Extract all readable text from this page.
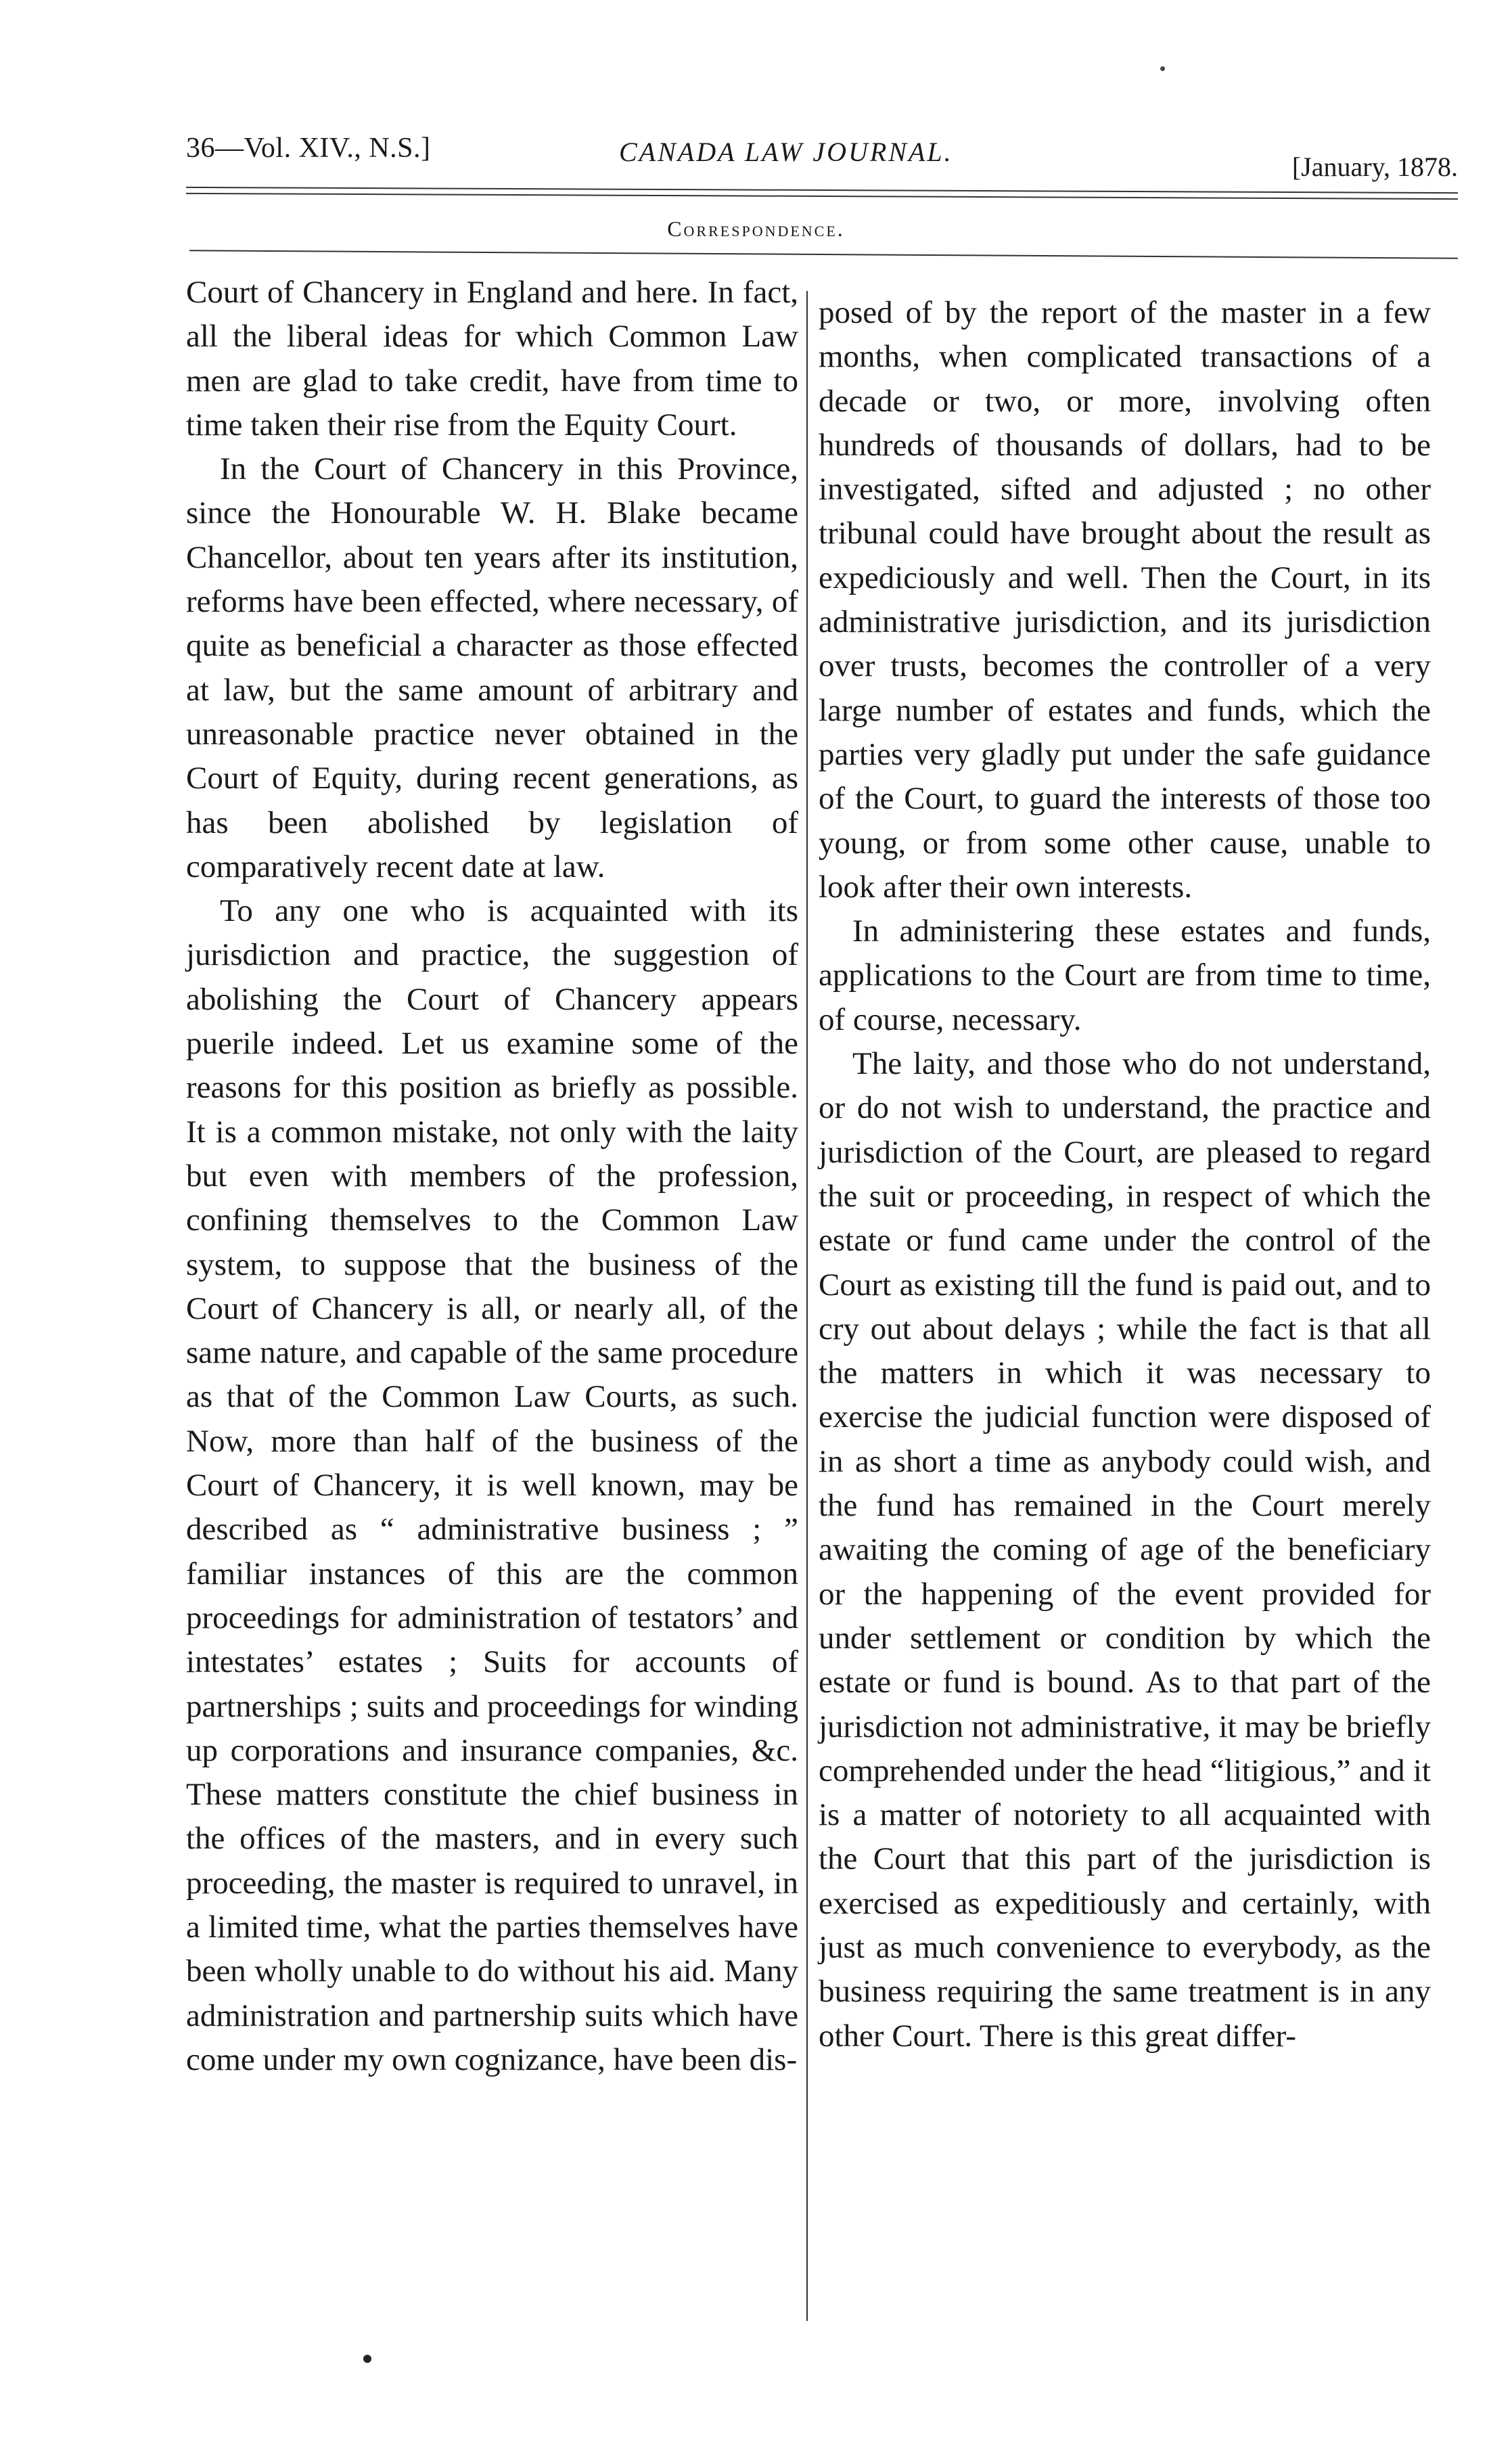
36—Vol. XIV., N.S.]	CANADA LAW JOURNAL.	[January, 1878.
Correspondence.

Court of Chancery in England and here. In fact, all the liberal ideas for which Common Law men are glad to take credit, have from time to time taken their rise from the Equity Court.

In the Court of Chancery in this Province, since the Honourable W. H. Blake became Chancellor, about ten years after its institution, reforms have been effected, where necessary, of quite as beneficial a character as those effected at law, but the same amount of arbitrary and unreasonable practice never obtained in the Court of Equity, during recent generations, as has been abolished by legislation of comparatively recent date at law.

To any one who is acquainted with its jurisdiction and practice, the suggestion of abolishing the Court of Chancery appears puerile indeed. Let us examine some of the reasons for this position as briefly as possible. It is a common mistake, not only with the laity but even with members of the profession, confining themselves to the Common Law system, to suppose that the business of the Court of Chancery is all, or nearly all, of the same nature, and capable of the same procedure as that of the Common Law Courts, as such. Now, more than half of the business of the Court of Chancery, it is well known, may be described as “ administrative business ; ” familiar instances of this are the common proceedings for administration of testators’ and intestates’ estates ; Suits for accounts of partnerships ; suits and proceedings for winding up corporations and insurance companies, &c. These matters constitute the chief business in the offices of the masters, and in every such proceeding, the master is required to unravel, in a limited time, what the parties themselves have been wholly unable to do without his aid. Many administration and partnership suits which have come under my own cognizance, have been dis-

posed of by the report of the master in a few months, when complicated transactions of a decade or two, or more, involving often hundreds of thousands of dollars, had to be investigated, sifted and adjusted ; no other tribunal could have brought about the result as expediciously and well. Then the Court, in its administrative jurisdiction, and its jurisdiction over trusts, becomes the controller of a very large number of estates and funds, which the parties very gladly put under the safe guidance of the Court, to guard the interests of those too young, or from some other cause, unable to look after their own interests.

In administering these estates and funds, applications to the Court are from time to time, of course, necessary.

The laity, and those who do not understand, or do not wish to understand, the practice and jurisdiction of the Court, are pleased to regard the suit or proceeding, in respect of which the estate or fund came under the control of the Court as existing till the fund is paid out, and to cry out about delays ; while the fact is that all the matters in which it was necessary to exercise the judicial function were disposed of in as short a time as anybody could wish, and the fund has remained in the Court merely awaiting the coming of age of the beneficiary or the happening of the event provided for under settlement or condition by which the estate or fund is bound. As to that part of the jurisdiction not administrative, it may be briefly comprehended under the head “litigious,” and it is a matter of notoriety to all acquainted with the Court that this part of the jurisdiction is exercised as expeditiously and certainly, with just as much convenience to everybody, as the business requiring the same treatment is in any other Court. There is this great differ-
